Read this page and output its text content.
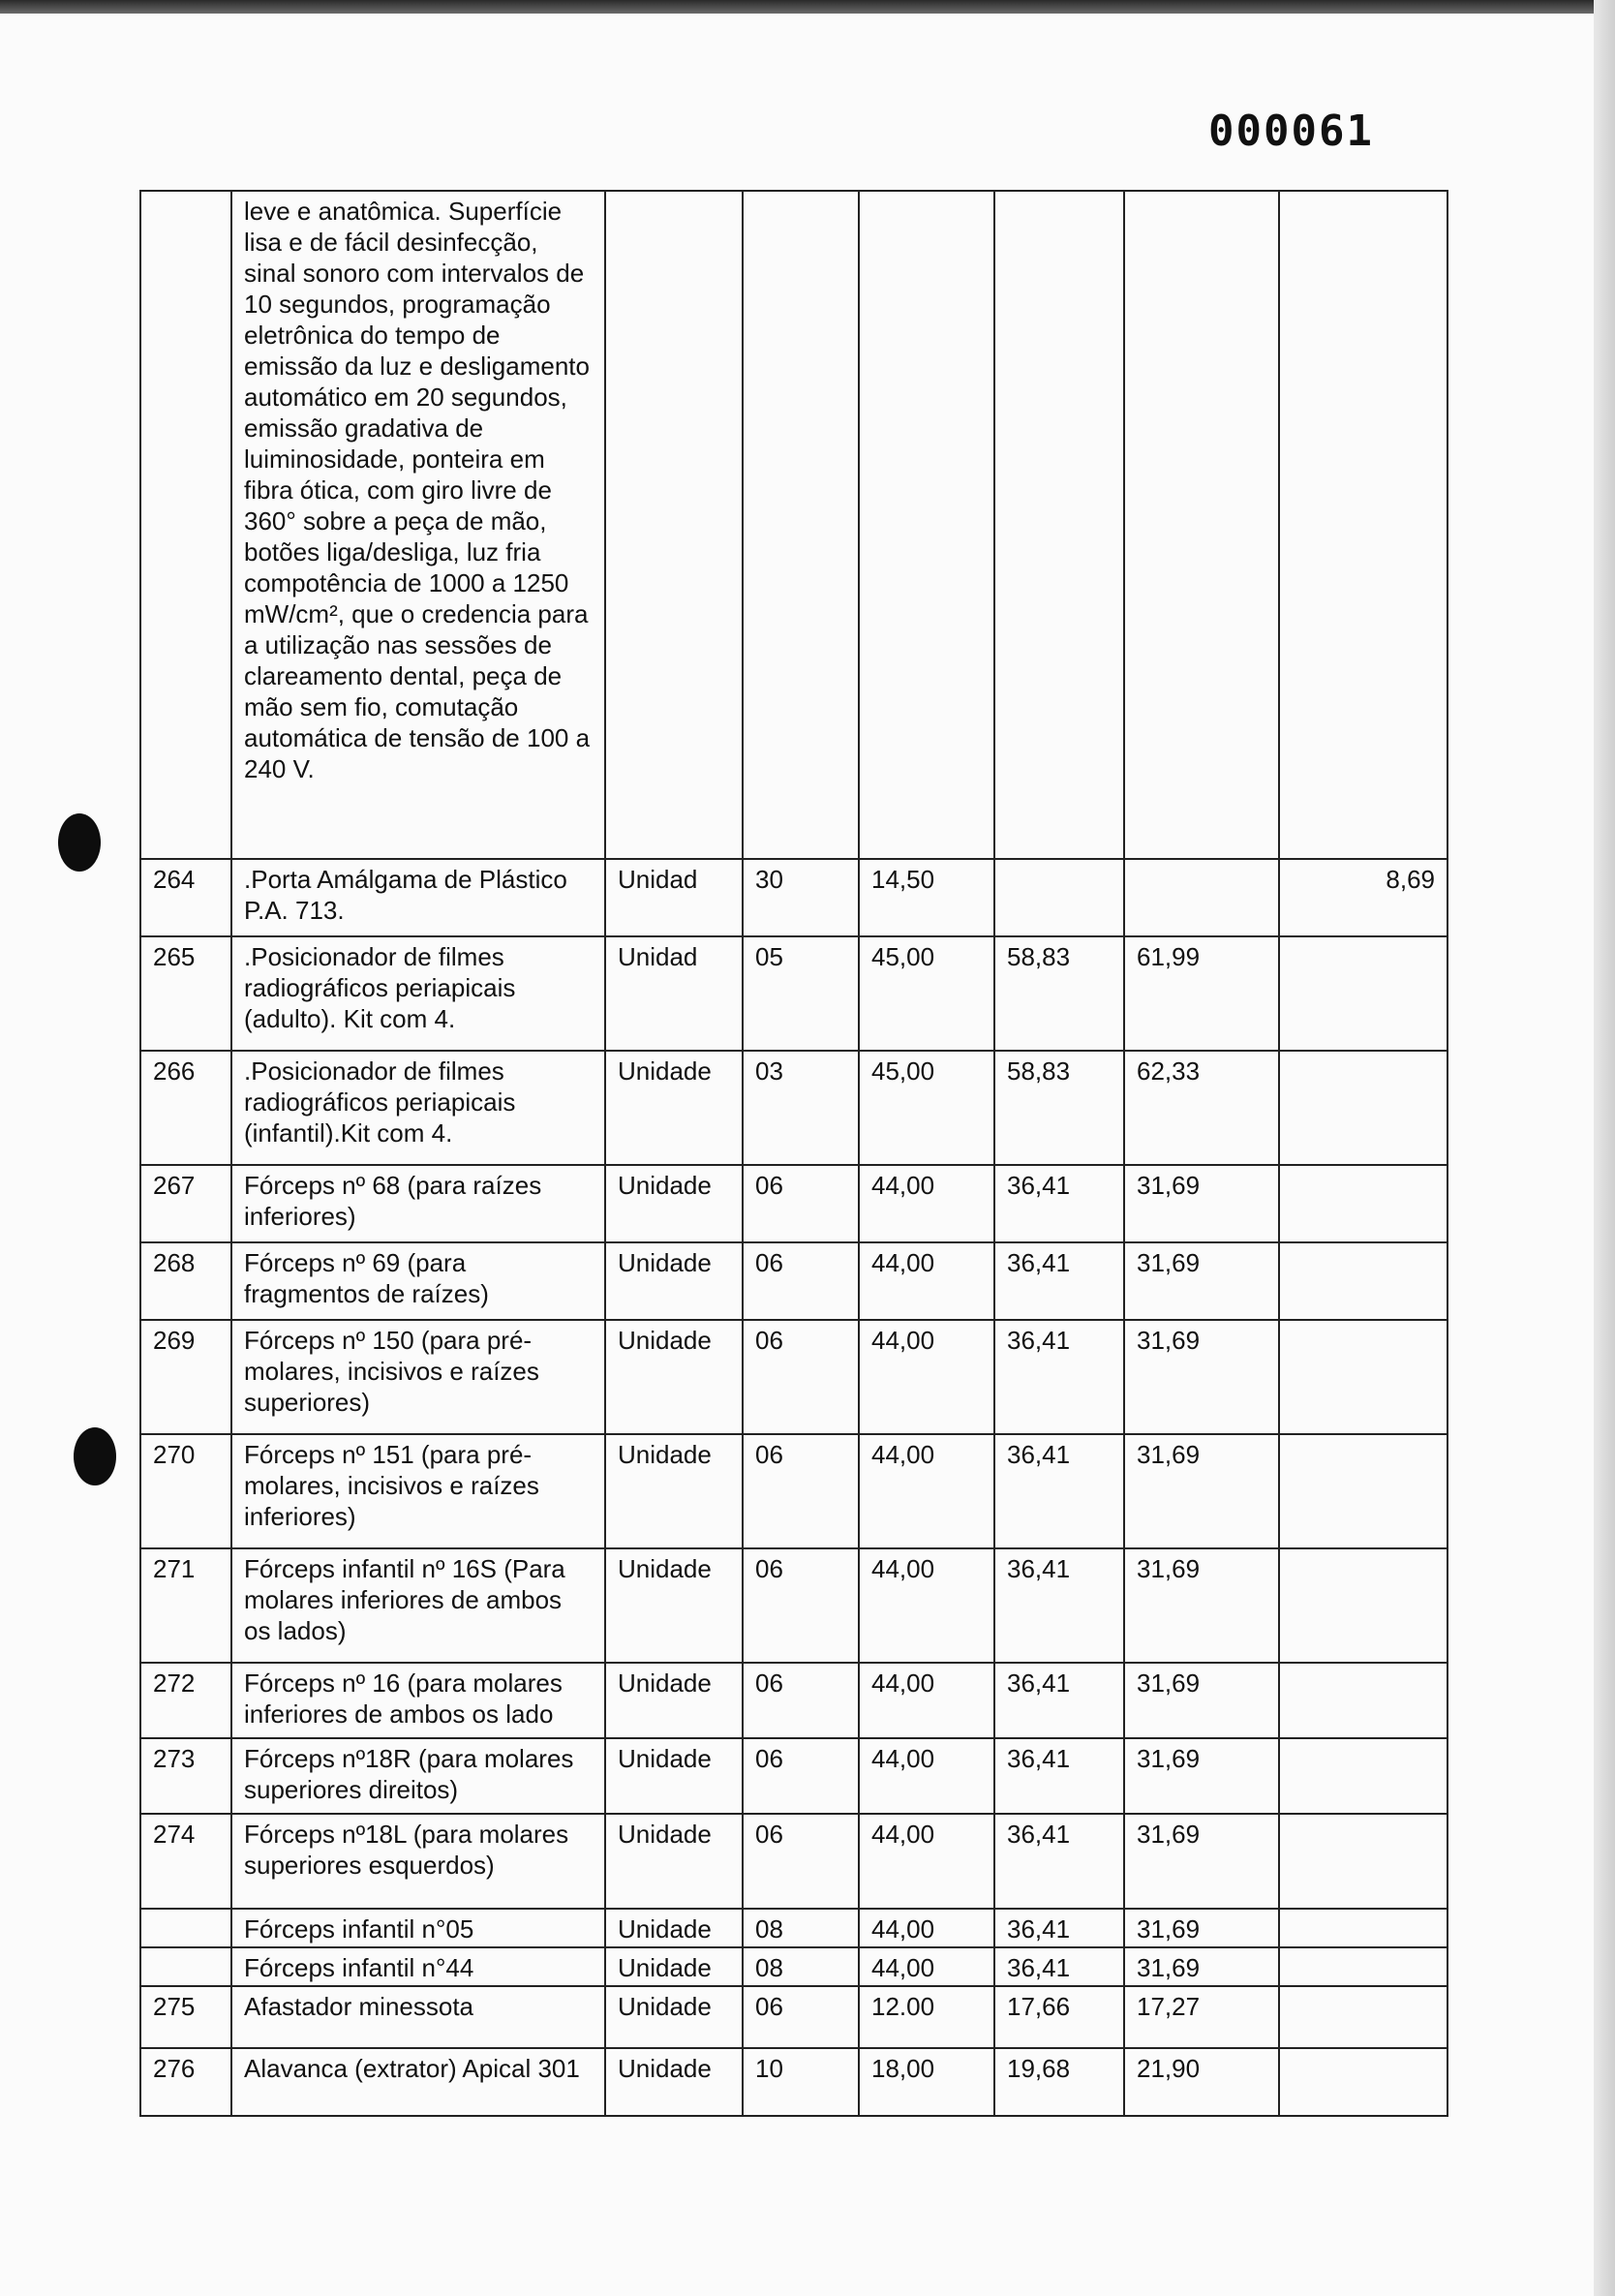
000061
	leve e anatômica. Superfície lisa e de fácil desinfecção, sinal sonoro com intervalos de 10 segundos, programação eletrônica do tempo de emissão da luz e desligamento automático em 20 segundos, emissão gradativa de luiminosidade, ponteira em fibra ótica, com giro livre de 360° sobre a peça de mão, botões liga/desliga, luz fria compotência de 1000 a 1250 mW/cm², que o credencia para a utilização nas sessões de clareamento dental, peça de mão sem fio, comutação automática de tensão de 100 a 240 V.						
264	.Porta Amálgama de Plástico P.A. 713.	Unidad	30	14,50			8,69
265	.Posicionador de filmes radiográficos periapicais (adulto). Kit com 4.	Unidad	05	45,00	58,83	61,99	
266	.Posicionador de filmes radiográficos periapicais (infantil).Kit com 4.	Unidade	03	45,00	58,83	62,33	
267	Fórceps nº 68 (para raízes inferiores)	Unidade	06	44,00	36,41	31,69	
268	Fórceps nº 69 (para fragmentos de raízes)	Unidade	06	44,00	36,41	31,69	
269	Fórceps nº 150 (para pré-molares, incisivos e raízes superiores)	Unidade	06	44,00	36,41	31,69	
270	Fórceps nº 151 (para pré-molares, incisivos e raízes inferiores)	Unidade	06	44,00	36,41	31,69	
271	Fórceps infantil nº 16S (Para molares inferiores de ambos os lados)	Unidade	06	44,00	36,41	31,69	
272	Fórceps nº 16 (para molares inferiores de ambos os lado	Unidade	06	44,00	36,41	31,69	
273	Fórceps nº18R (para molares superiores direitos)	Unidade	06	44,00	36,41	31,69	
274	Fórceps nº18L (para molares superiores esquerdos)	Unidade	06	44,00	36,41	31,69	
	Fórceps infantil n°05	Unidade	08	44,00	36,41	31,69	
	Fórceps infantil n°44	Unidade	08	44,00	36,41	31,69	
275	Afastador minessota	Unidade	06	12.00	17,66	17,27	
276	Alavanca (extrator) Apical 301	Unidade	10	18,00	19,68	21,90	
